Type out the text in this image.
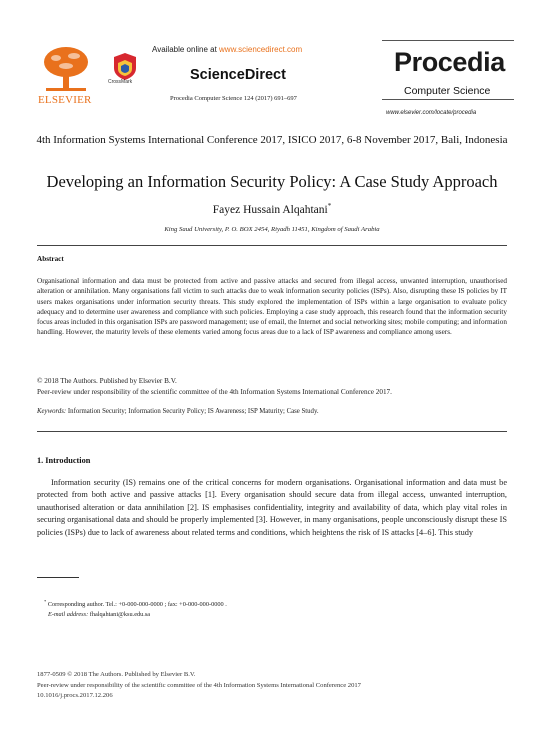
ELSEVIER
CrossMark
Available online at www.sciencedirect.com
ScienceDirect
Procedia Computer Science 124 (2017) 691–697
Procedia
Computer Science
www.elsevier.com/locate/procedia
4th Information Systems International Conference 2017, ISICO 2017, 6-8 November 2017, Bali, Indonesia
Developing an Information Security Policy: A Case Study Approach
Fayez Hussain Alqahtani*
King Saud University, P. O. BOX 2454, Riyadh 11451, Kingdom of Saudi Arabia
Abstract
Organisational information and data must be protected from active and passive attacks and secured from illegal access, unwanted interruption, unauthorised alteration or annihilation. Many organisations fall victim to such attacks due to weak information security policies (ISPs). Also, disrupting these IS policies by IT users makes organisations under information security threats. This study explored the implementation of ISPs within a large organisation to evaluate policy adequacy and to determine user awareness and compliance with such policies. Employing a case study approach, this research found that the information security focus areas included in this organisation ISPs are password management; use of email, the Internet and social networking sites; mobile computing; and information handling. However, the maturity levels of these elements varied among focus areas due to a lack of ISP awareness and compliance among users.
© 2018 The Authors. Published by Elsevier B.V.
Peer-review under responsibility of the scientific committee of the 4th Information Systems International Conference 2017.
Keywords: Information Security; Information Security Policy; IS Awareness; ISP Maturity; Case Study.
1. Introduction
Information security (IS) remains one of the critical concerns for modern organisations. Organisational information and data must be protected from both active and passive attacks [1]. Every organisation should secure data from illegal access, unwanted interruption, unauthorised alteration or data annihilation [2]. IS emphasises confidentiality, integrity and availability of data, which play vital roles in securing organisational data and should be properly implemented [3]. However, in many organisations, people unconsciously disrupt these IS policies (ISPs) due to lack of awareness about related terms and conditions, which heightens the risk of IS attacks [4–6]. This study
* Corresponding author. Tel.: +0-000-000-0000 ; fax: +0-000-000-0000 .
E-mail address: fhalqahtani@ksu.edu.sa
1877-0509 © 2018 The Authors. Published by Elsevier B.V.
Peer-review under responsibility of the scientific committee of the 4th Information Systems International Conference 2017
10.1016/j.procs.2017.12.206
